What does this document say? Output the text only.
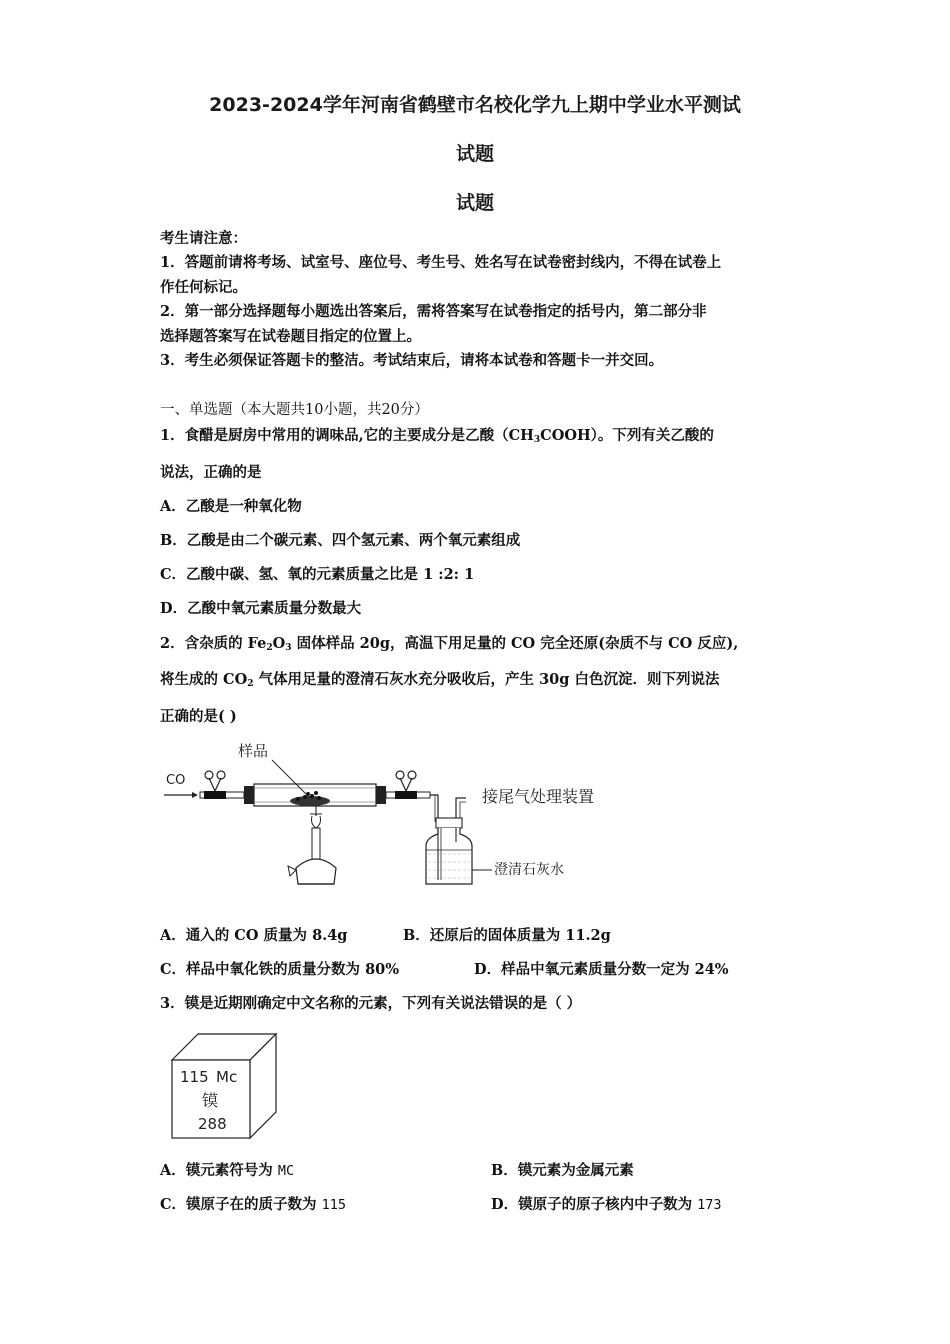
2023-2024学年河南省鹤壁市名校化学九上期中学业水平测试
试题
试题
考生请注意：
1．答题前请将考场、试室号、座位号、考生号、姓名写在试卷密封线内，不得在试卷上
作任何标记。
2．第一部分选择题每小题选出答案后，需将答案写在试卷指定的括号内，第二部分非
选择题答案写在试卷题目指定的位置上。
3．考生必须保证答题卡的整洁。考试结束后，请将本试卷和答题卡一并交回。
一、单选题（本大题共10小题，共20分）
1．食醋是厨房中常用的调味品,它的主要成分是乙酸$(CH_3COOH)$。下列有关乙酸的
说法，正确的是
A．乙酸是一种氧化物
B．乙酸是由二个碳元素、四个氢元素、两个氧元素组成
C．乙酸中碳、氢、氧的元素质量之比是 1 :2: 1
D．乙酸中氧元素质量分数最大
2．含杂质的 $Fe_2O_3$ 固体样品 20g，高温下用足量的 CO 完全还原(杂质不与 CO 反应),
将生成的 $CO_2$ 气体用足量的澄清石灰水充分吸收后，产生 30g 白色沉淀．则下列说法
正确的是( )
CO
样品
接尾气处理装置
澄清石灰水
A．通入的 CO 质量为 8.4g	B．还原后的固体质量为 11.2g
C．样品中氧化铁的质量分数为 80%	D．样品中氧元素质量分数一定为 24%
3．镆是近期刚确定中文名称的元素，下列有关说法错误的是（ ）
115 Mc
镆
288
A．镆元素符号为 MC	B．镆元素为金属元素
C．镆原子在的质子数为 115	D．镆原子的原子核内中子数为 173
